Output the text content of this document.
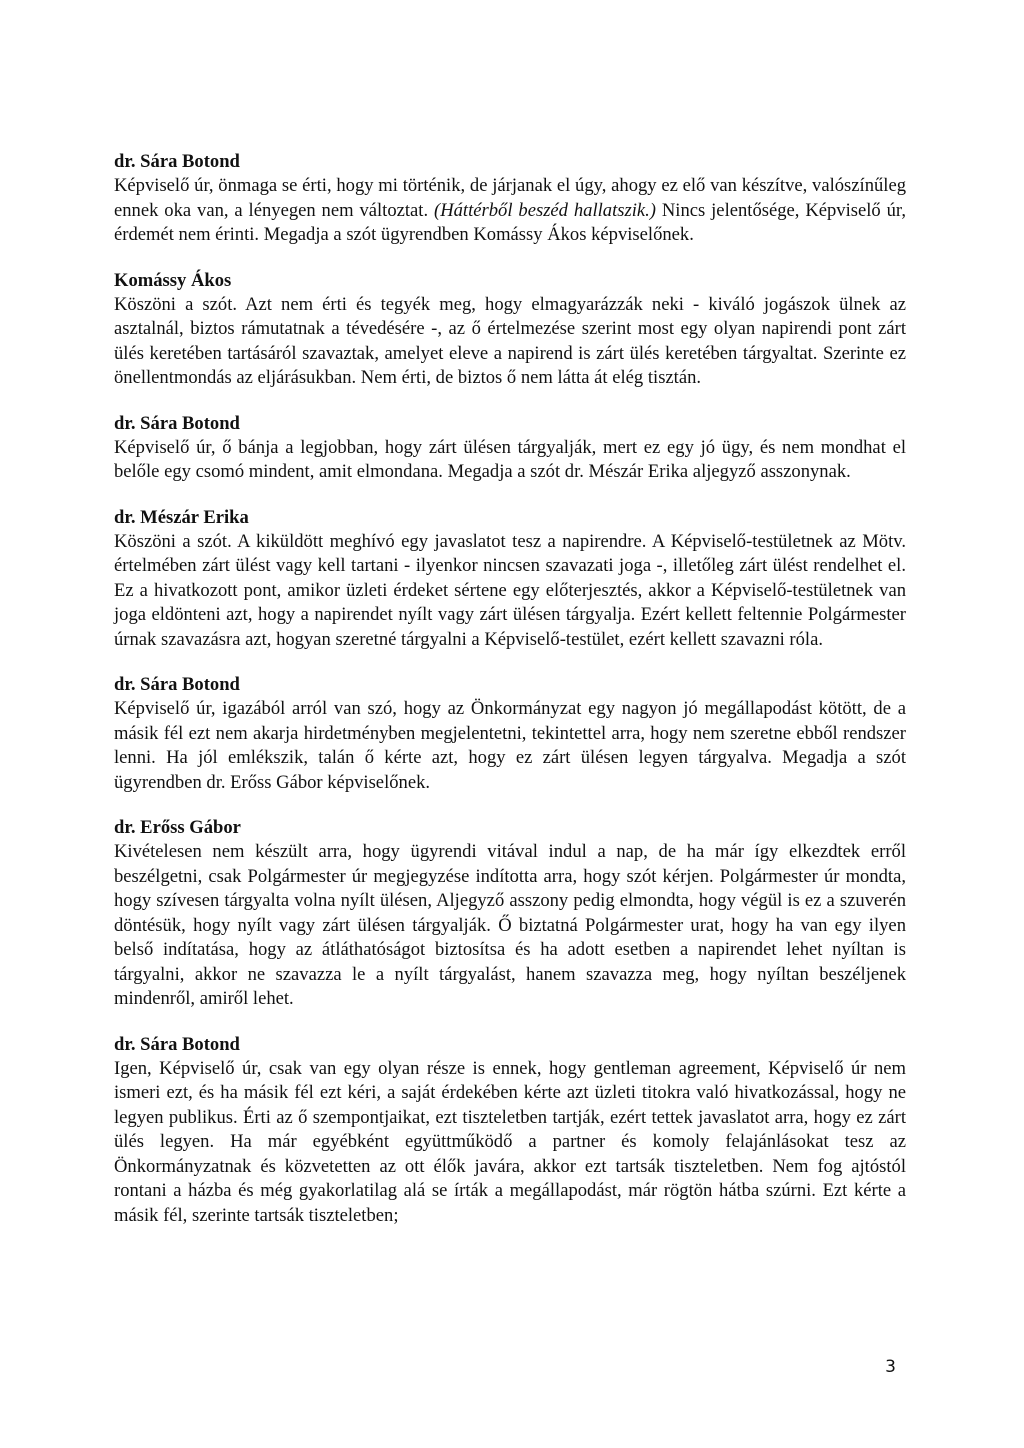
dr. Sára Botond

Képviselő úr, önmaga se érti, hogy mi történik, de járjanak el úgy, ahogy ez elő van készítve, valószínűleg ennek oka van, a lényegen nem változtat. (Háttérből beszéd hallatszik.) Nincs jelentősége, Képviselő úr, érdemét nem érinti. Megadja a szót ügyrendben Komássy Ákos képviselőnek.

Komássy Ákos

Köszöni a szót. Azt nem érti és tegyék meg, hogy elmagyarázzák neki - kiváló jogászok ülnek az asztalnál, biztos rámutatnak a tévedésére -, az ő értelmezése szerint most egy olyan napirendi pont zárt ülés keretében tartásáról szavaztak, amelyet eleve a napirend is zárt ülés keretében tárgyaltat. Szerinte ez önellentmondás az eljárásukban. Nem érti, de biztos ő nem látta át elég tisztán.

dr. Sára Botond

Képviselő úr, ő bánja a legjobban, hogy zárt ülésen tárgyalják, mert ez egy jó ügy, és nem mondhat el belőle egy csomó mindent, amit elmondana. Megadja a szót dr. Mészár Erika aljegyző asszonynak.

dr. Mészár Erika

Köszöni a szót. A kiküldött meghívó egy javaslatot tesz a napirendre. A Képviselő-testületnek az Mötv. értelmében zárt ülést vagy kell tartani - ilyenkor nincsen szavazati joga -, illetőleg zárt ülést rendelhet el. Ez a hivatkozott pont, amikor üzleti érdeket sértene egy előterjesztés, akkor a Képviselő-testületnek van joga eldönteni azt, hogy a napirendet nyílt vagy zárt ülésen tárgyalja. Ezért kellett feltennie Polgármester úrnak szavazásra azt, hogyan szeretné tárgyalni a Képviselő-testület, ezért kellett szavazni róla.

dr. Sára Botond

Képviselő úr, igazából arról van szó, hogy az Önkormányzat egy nagyon jó megállapodást kötött, de a másik fél ezt nem akarja hirdetményben megjelentetni, tekintettel arra, hogy nem szeretne ebből rendszer lenni. Ha jól emlékszik, talán ő kérte azt, hogy ez zárt ülésen legyen tárgyalva. Megadja a szót ügyrendben dr. Erőss Gábor képviselőnek.

dr. Erőss Gábor

Kivételesen nem készült arra, hogy ügyrendi vitával indul a nap, de ha már így elkezdtek erről beszélgetni, csak Polgármester úr megjegyzése indította arra, hogy szót kérjen. Polgármester úr mondta, hogy szívesen tárgyalta volna nyílt ülésen, Aljegyző asszony pedig elmondta, hogy végül is ez a szuverén döntésük, hogy nyílt vagy zárt ülésen tárgyalják. Ő biztatná Polgármester urat, hogy ha van egy ilyen belső indítatása, hogy az átláthatóságot biztosítsa és ha adott esetben a napirendet lehet nyíltan is tárgyalni, akkor ne szavazza le a nyílt tárgyalást, hanem szavazza meg, hogy nyíltan beszéljenek mindenről, amiről lehet.

dr. Sára Botond

Igen, Képviselő úr, csak van egy olyan része is ennek, hogy gentleman agreement, Képviselő úr nem ismeri ezt, és ha másik fél ezt kéri, a saját érdekében kérte azt üzleti titokra való hivatkozással, hogy ne legyen publikus. Érti az ő szempontjaikat, ezt tiszteletben tartják, ezért tettek javaslatot arra, hogy ez zárt ülés legyen. Ha már egyébként együttműködő a partner és komoly felajánlásokat tesz az Önkormányzatnak és közvetetten az ott élők javára, akkor ezt tartsák tiszteletben. Nem fog ajtóstól rontani a házba és még gyakorlatilag alá se írták a megállapodást, már rögtön hátba szúrni. Ezt kérte a másik fél, szerinte tartsák tiszteletben;

3
